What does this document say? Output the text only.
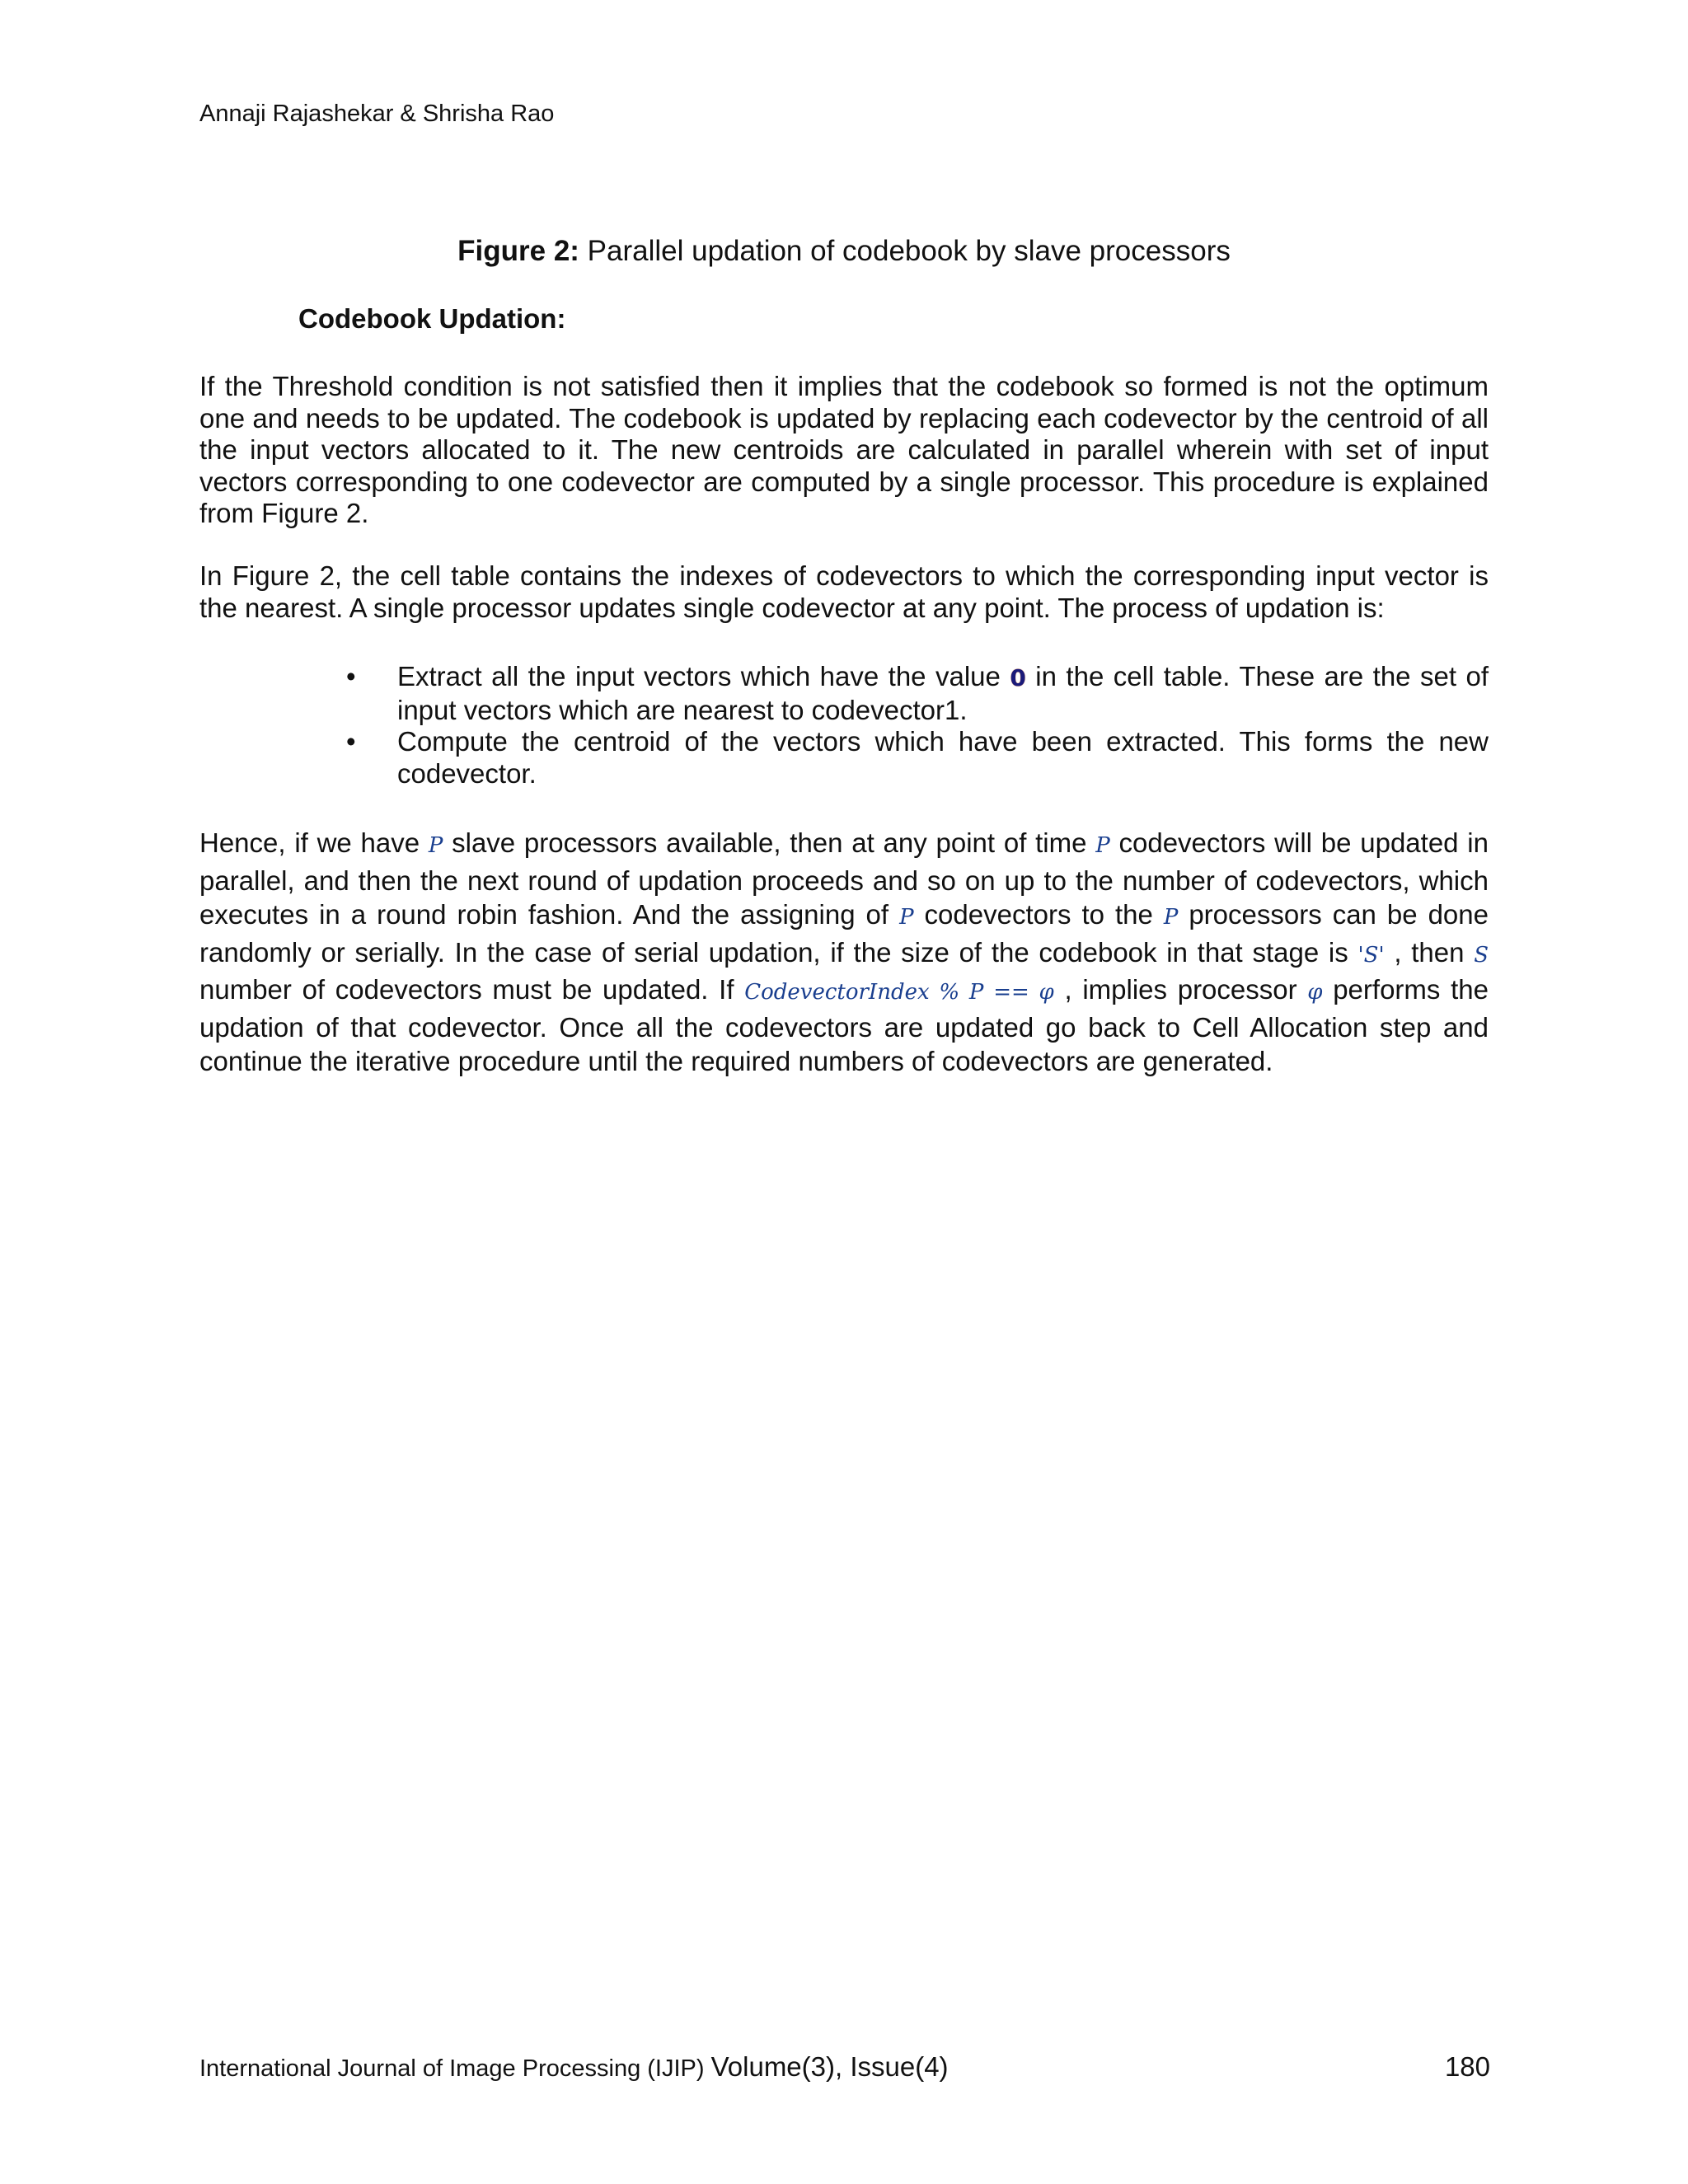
Annaji Rajashekar & Shrisha Rao
Figure 2: Parallel updation of codebook by slave processors
Codebook Updation:

If the Threshold condition is not satisfied then it implies that the codebook so formed is not the optimum one and needs to be updated. The codebook is updated by replacing each codevector by the centroid of all the input vectors allocated to it. The new centroids are calculated in parallel wherein with set of input vectors corresponding to one codevector are computed by a single processor. This procedure is explained from Figure 2.

In Figure 2, the cell table contains the indexes of codevectors to which the corresponding input vector is the nearest. A single processor updates single codevector at any point. The process of updation is:

•	Extract all the input vectors which have the value 0 in the cell table. These are the set of input vectors which are nearest to codevector1.
•	Compute the centroid of the vectors which have been extracted. This forms the new codevector.

Hence, if we have P slave processors available, then at any point of time P codevectors will be updated in parallel, and then the next round of updation proceeds and so on up to the number of codevectors, which executes in a round robin fashion. And the assigning of P codevectors to the P processors can be done randomly or serially. In the case of serial updation, if the size of the codebook in that stage is 'S' , then S number of codevectors must be updated. If CodevectorIndex % P == φ , implies processor φ performs the updation of that codevector. Once all the codevectors are updated go back to Cell Allocation step and continue the iterative procedure until the required numbers of codevectors are generated.

International Journal of Image Processing (IJIP) Volume(3), Issue(4)	180
